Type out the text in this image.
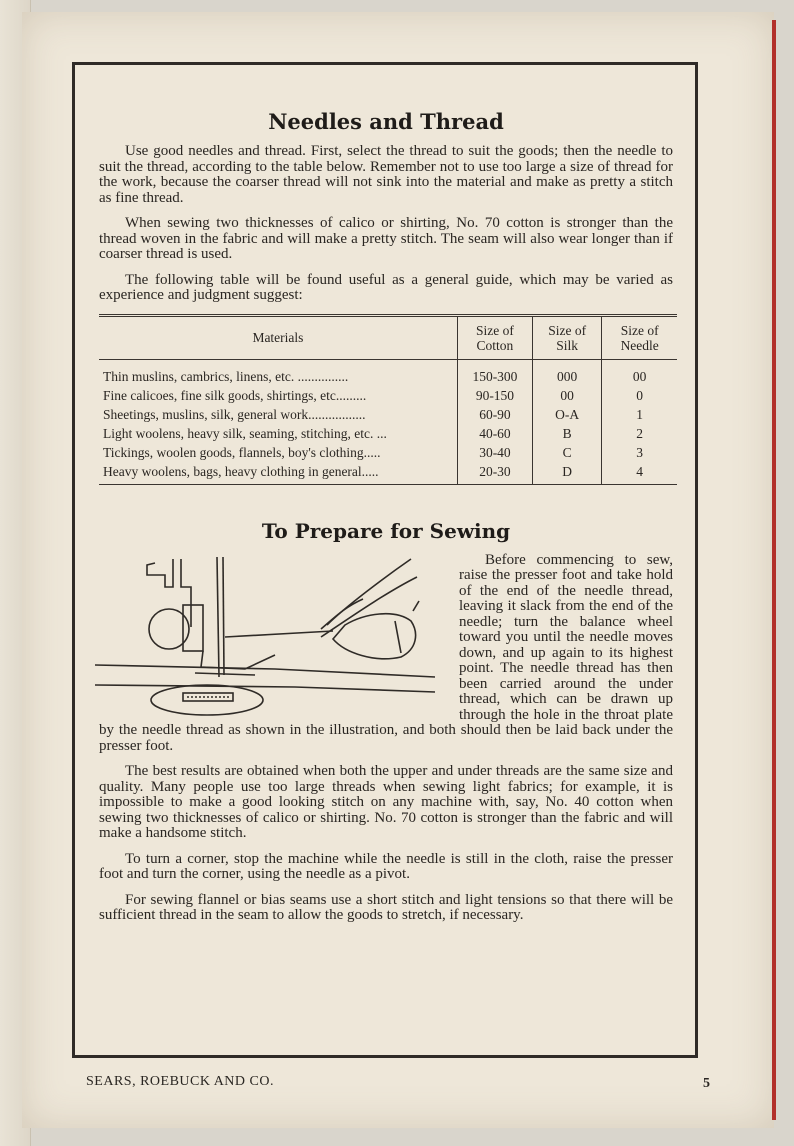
Needles and Thread

Use good needles and thread. First, select the thread to suit the goods; then the needle to suit the thread, according to the table below. Remember not to use too large a size of thread for the work, because the coarser thread will not sink into the material and make as pretty a stitch as fine thread.

When sewing two thicknesses of calico or shirting, No. 70 cotton is stronger than the thread woven in the fabric and will make a pretty stitch. The seam will also wear longer than if coarser thread is used.

The following table will be found useful as a general guide, which may be varied as experience and judgment suggest:

Materials	Size of Cotton	Size of Silk	Size of Needle
Thin muslins, cambrics, linens, etc. ...............	150-300	000	00
Fine calicoes, fine silk goods, shirtings, etc.........	90-150	00	0
Sheetings, muslins, silk, general work.................	60-90	O-A	1
Light woolens, heavy silk, seaming, stitching, etc. ...	40-60	B	2
Tickings, woolen goods, flannels, boy's clothing.....	30-40	C	3
Heavy woolens, bags, heavy clothing in general.....	20-30	D	4
To Prepare for Sewing

Before commencing to sew, raise the presser foot and take hold of the end of the needle thread, leaving it slack from the end of the needle; turn the balance wheel toward you until the needle moves down, and up again to its highest point. The needle thread has then been carried around the under thread, which can be drawn up through the hole in the throat plate by the needle thread as shown in the illustration, and both should then be laid back under the presser foot.

The best results are obtained when both the upper and under threads are the same size and quality. Many people use too large threads when sewing light fabrics; for example, it is impossible to make a good looking stitch on any machine with, say, No. 40 cotton when sewing two thicknesses of calico or shirting. No. 70 cotton is stronger than the fabric and will make a handsome stitch.

To turn a corner, stop the machine while the needle is still in the cloth, raise the presser foot and turn the corner, using the needle as a pivot.

For sewing flannel or bias seams use a short stitch and light tensions so that there will be sufficient thread in the seam to allow the goods to stretch, if necessary.

SEARS, ROEBUCK AND CO.	5
